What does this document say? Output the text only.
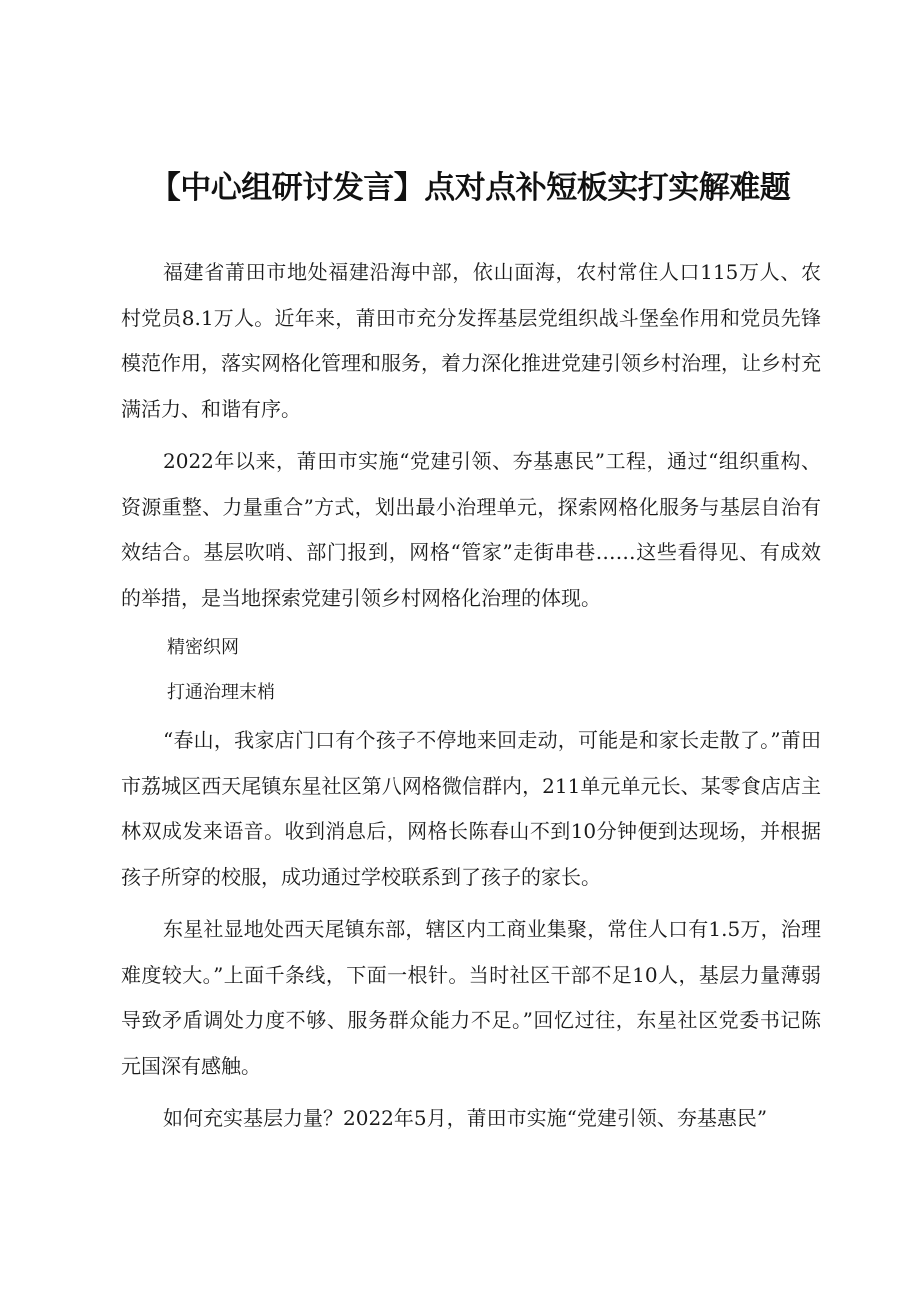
【中心组研讨发言】点对点补短板实打实解难题

福建省莆田市地处福建沿海中部，依山面海，农村常住人口115万人、农村党员8.1万人。近年来，莆田市充分发挥基层党组织战斗堡垒作用和党员先锋模范作用，落实网格化管理和服务，着力深化推进党建引领乡村治理，让乡村充满活力、和谐有序。

2022年以来，莆田市实施“党建引领、夯基惠民”工程，通过“组织重构、资源重整、力量重合”方式，划出最小治理单元，探索网格化服务与基层自治有效结合。基层吹哨、部门报到，网格“管家”走街串巷……这些看得见、有成效的举措，是当地探索党建引领乡村网格化治理的体现。

精密织网

打通治理末梢

“春山，我家店门口有个孩子不停地来回走动，可能是和家长走散了。”莆田市荔城区西天尾镇东星社区第八网格微信群内，211单元单元长、某零食店店主林双成发来语音。收到消息后，网格长陈春山不到10分钟便到达现场，并根据孩子所穿的校服，成功通过学校联系到了孩子的家长。

东星社显地处西天尾镇东部，辖区内工商业集聚，常住人口有1.5万，治理难度较大。”上面千条线，下面一根针。当时社区干部不足10人，基层力量薄弱导致矛盾调处力度不够、服务群众能力不足。”回忆过往，东星社区党委书记陈元国深有感触。

如何充实基层力量？2022年5月，莆田市实施“党建引领、夯基惠民”
